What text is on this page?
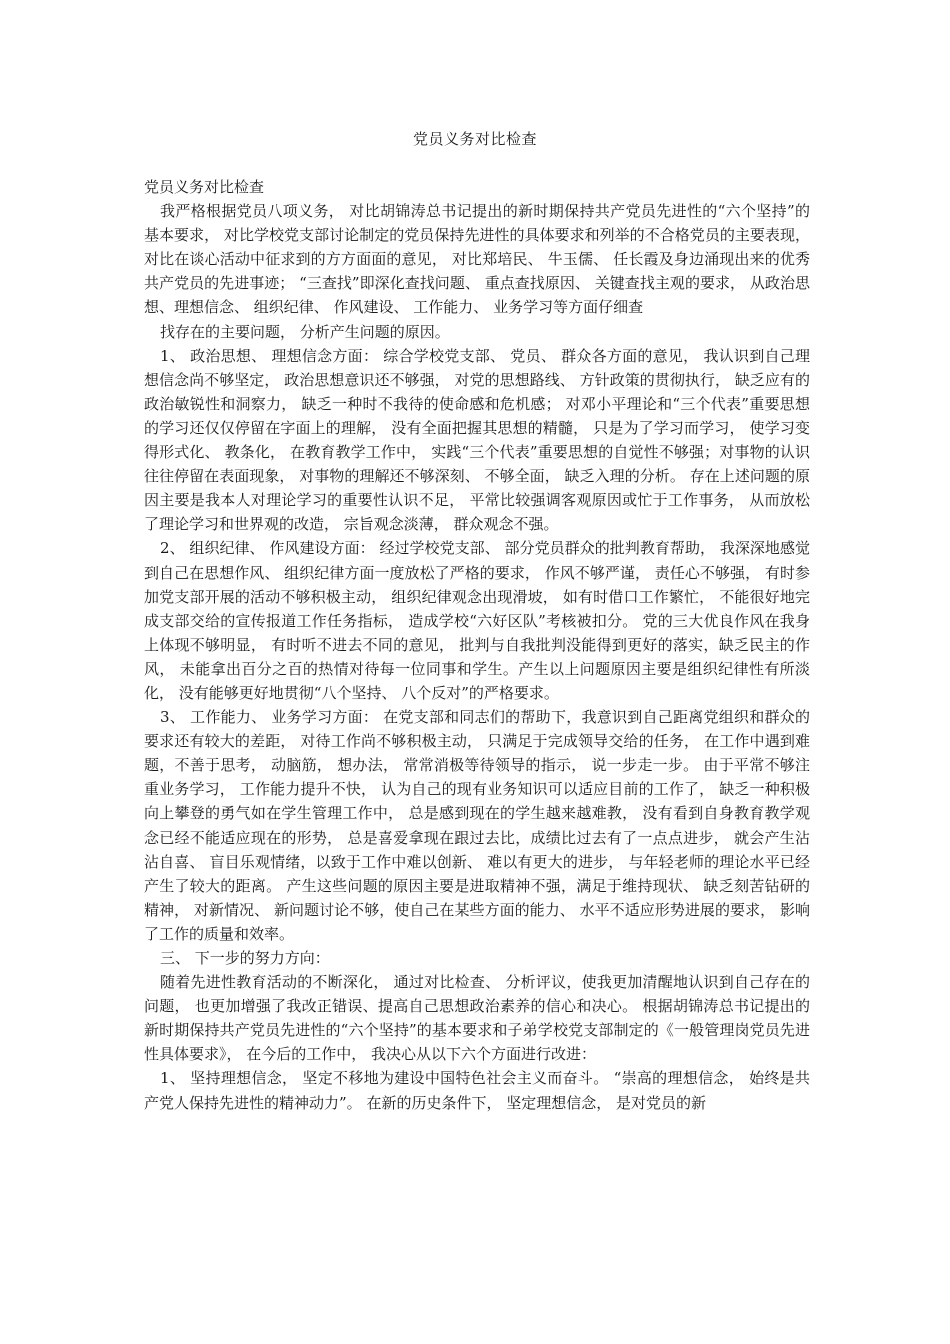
党员义务对比检查

党员义务对比检查

我严格根据党员八项义务， 对比胡锦涛总书记提出的新时期保持共产党员先进性的“六个坚持”的基本要求， 对比学校党支部讨论制定的党员保持先进性的具体要求和列举的不合格党员的主要表现， 对比在谈心活动中征求到的方方面面的意见， 对比郑培民、 牛玉儒、 任长霞及身边涌现出来的优秀共产党员的先进事迹； “三查找”即深化查找问题、 重点查找原因、 关键查找主观的要求， 从政治思想、理想信念、 组织纪律、 作风建设、 工作能力、 业务学习等方面仔细查

找存在的主要问题， 分析产生问题的原因。

1、 政治思想、 理想信念方面： 综合学校党支部、 党员、 群众各方面的意见， 我认识到自己理想信念尚不够坚定， 政治思想意识还不够强， 对党的思想路线、 方针政策的贯彻执行， 缺乏应有的政治敏锐性和洞察力， 缺乏一种时不我待的使命感和危机感； 对邓小平理论和“三个代表”重要思想的学习还仅仅停留在字面上的理解， 没有全面把握其思想的精髓， 只是为了学习而学习， 使学习变得形式化、 教条化， 在教育教学工作中， 实践“三个代表”重要思想的自觉性不够强；对事物的认识往往停留在表面现象， 对事物的理解还不够深刻、 不够全面， 缺乏入理的分析。 存在上述问题的原因主要是我本人对理论学习的重要性认识不足， 平常比较强调客观原因或忙于工作事务， 从而放松了理论学习和世界观的改造， 宗旨观念淡薄， 群众观念不强。

2、 组织纪律、 作风建设方面： 经过学校党支部、 部分党员群众的批判教育帮助， 我深深地感觉到自己在思想作风、 组织纪律方面一度放松了严格的要求， 作风不够严谨， 责任心不够强， 有时参加党支部开展的活动不够积极主动， 组织纪律观念出现滑坡， 如有时借口工作繁忙， 不能很好地完成支部交给的宣传报道工作任务指标， 造成学校“六好区队”考核被扣分。 党的三大优良作风在我身上体现不够明显， 有时听不进去不同的意见， 批判与自我批判没能得到更好的落实，缺乏民主的作风， 未能拿出百分之百的热情对待每一位同事和学生。产生以上问题原因主要是组织纪律性有所淡化， 没有能够更好地贯彻“八个坚持、 八个反对”的严格要求。

3、 工作能力、 业务学习方面： 在党支部和同志们的帮助下，我意识到自己距离党组织和群众的要求还有较大的差距， 对待工作尚不够积极主动， 只满足于完成领导交给的任务， 在工作中遇到难题，不善于思考， 动脑筋， 想办法， 常常消极等待领导的指示， 说一步走一步。 由于平常不够注重业务学习， 工作能力提升不快， 认为自己的现有业务知识可以适应目前的工作了， 缺乏一种积极向上攀登的勇气如在学生管理工作中， 总是感到现在的学生越来越难教， 没有看到自身教育教学观念已经不能适应现在的形势， 总是喜爱拿现在跟过去比，成绩比过去有了一点点进步， 就会产生沾沾自喜、 盲目乐观情绪，以致于工作中难以创新、 难以有更大的进步， 与年轻老师的理论水平已经产生了较大的距离。 产生这些问题的原因主要是进取精神不强，满足于维持现状、 缺乏刻苦钻研的精神， 对新情况、 新问题讨论不够，使自己在某些方面的能力、 水平不适应形势进展的要求， 影响了工作的质量和效率。

三、 下一步的努力方向：

随着先进性教育活动的不断深化， 通过对比检查、 分析评议，使我更加清醒地认识到自己存在的问题， 也更加增强了我改正错误、提高自己思想政治素养的信心和决心。 根据胡锦涛总书记提出的新时期保持共产党员先进性的“六个坚持”的基本要求和子弟学校党支部制定的《一般管理岗党员先进性具体要求》， 在今后的工作中， 我决心从以下六个方面进行改进：

1、 坚持理想信念， 坚定不移地为建设中国特色社会主义而奋斗。 “崇高的理想信念， 始终是共产党人保持先进性的精神动力”。 在新的历史条件下， 坚定理想信念， 是对党员的新
